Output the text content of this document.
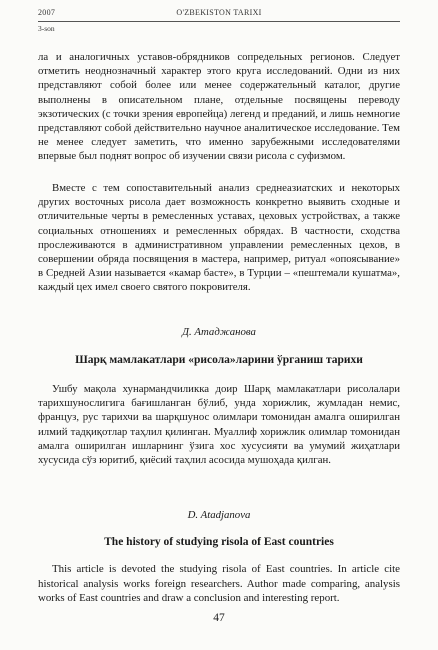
2007	O'ZBEKISTON TARIXI
3-son

ла и аналогичных уставов-обрядников сопредельных регионов. Следует отметить неоднозначный характер этого круга исследований. Одни из них представляют собой более или менее содержательный каталог, другие выполнены в описательном плане, отдельные посвящены переводу экзотических (с точки зрения европейца) легенд и преданий, и лишь немногие представляют собой действительно научное аналитическое исследование. Тем не менее следует заметить, что именно зарубежными исследователями впервые был поднят вопрос об изучении связи рисола с суфизмом.

Вместе с тем сопоставительный анализ среднеазиатских и некоторых других восточных рисола дает возможность конкретно выявить сходные и отличительные черты в ремесленных уставах, цеховых устройствах, а также социальных отношениях и ремесленных обрядах. В частности, сходства прослеживаются в административном управлении ремесленных цехов, в совершении обряда посвящения в мастера, например, ритуал «опоясывание» в Средней Азии называется «камар басте», в Турции – «пештемали кушатма», каждый цех имел своего святого покровителя.

Д. Атаджанова
Шарқ мамлакатлари «рисола»ларини ўрганиш тарихи

Ушбу мақола хунармандчиликка доир Шарқ мамлакатлари рисолалари тарихшунослигига бағишланган бўлиб, унда хорижлик, жумладан немис, француз, рус тарихчи ва шарқшунос олимлари томонидан амалга оширилган илмий тадқиқотлар таҳлил қилинган. Муаллиф хорижлик олимлар томонидан амалга оширилган ишларнинг ўзига хос хусусияти ва умумий жиҳатлари хусусида сўз юритиб, қиёсий таҳлил асосида мушоҳада қилган.

D. Atadjanova
The history of studying risola of East countries

This article is devoted the studying risola of East countries. In article cite historical analysis works foreign researchers. Author made comparing, analysis works of East countries and draw a conclusion and interesting report.

47
